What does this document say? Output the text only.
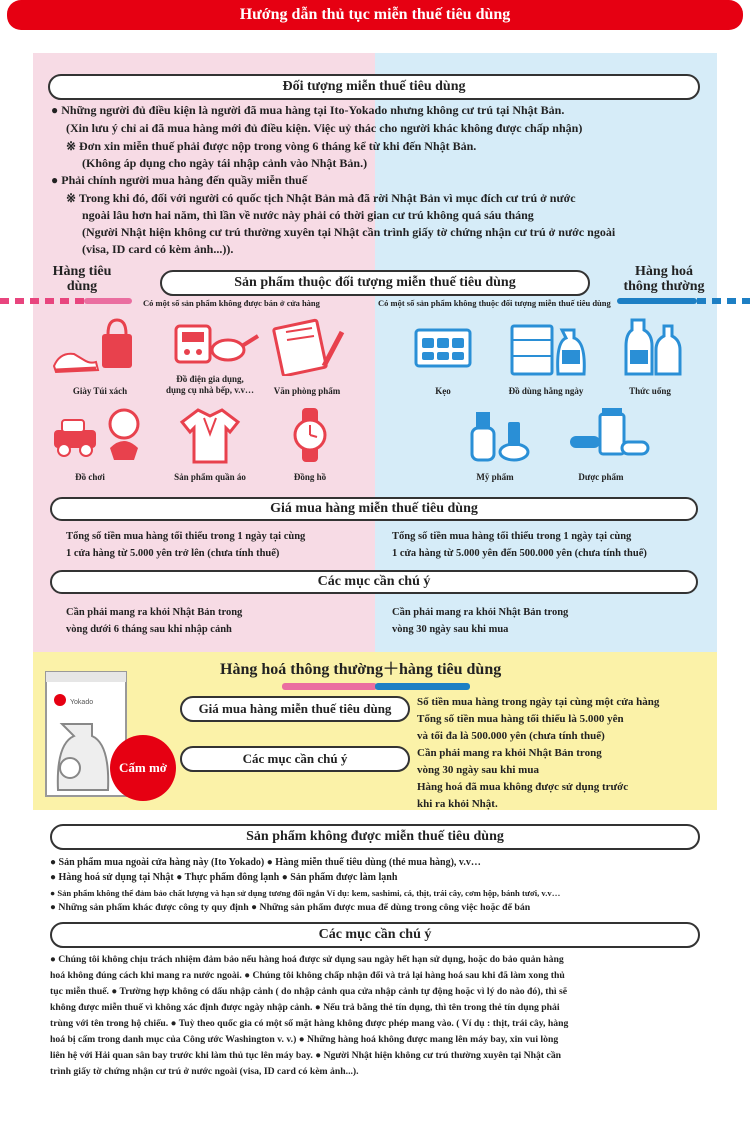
Hướng dẫn thủ tục miễn thuế tiêu dùng
Đối tượng miễn thuế tiêu dùng
● Những người đủ điều kiện là người đã mua hàng tại Ito-Yokado nhưng không cư trú tại Nhật Bản.
(Xin lưu ý chỉ ai đã mua hàng mới đủ điều kiện. Việc uỷ thác cho người khác không được chấp nhận)
※ Đơn xin miễn thuế phải được nộp trong vòng 6 tháng kể từ khi đến Nhật Bản.
(Không áp dụng cho ngày tái nhập cảnh vào Nhật Bản.)
● Phải chính người mua hàng đến quầy miễn thuế
※ Trong khi đó, đối với người có quốc tịch Nhật Bản mà đã rời Nhật Bản vì mục đích cư trú ở nước
ngoài lâu hơn hai năm, thì lần về nước này phải có thời gian cư trú không quá sáu tháng
(Người Nhật hiện không cư trú thường xuyên tại Nhật cần trình giấy tờ chứng nhận cư trú ở nước ngoài
(visa, ID card có kèm ảnh...)).
Hàng tiêu
dùng
Hàng hoá
thông thường
Sản phẩm thuộc đối tượng miễn thuế tiêu dùng
Có một số sản phẩm không được bán ở cửa hàng	Có một số sản phẩm không thuộc đối tượng miễn thuế tiêu dùng
Giày Túi xách
Đồ điện gia dụng,
dụng cụ nhà bếp, v.v…	Văn phòng phẩm
Đồ chơi	Sản phẩm quần áo	Đồng hồ
Kẹo	Đồ dùng hằng ngày	Thức uống
Mỹ phẩm	Dược phẩm
Giá mua hàng miễn thuế tiêu dùng
Tổng số tiền mua hàng tối thiểu trong 1 ngày tại cùng
1 cửa hàng từ 5.000 yên trở lên (chưa tính thuế)
Tổng số tiền mua hàng tối thiểu trong 1 ngày tại cùng
1 cửa hàng từ 5.000 yên đến 500.000 yên (chưa tính thuế)
Các mục cần chú ý
Cần phải mang ra khỏi Nhật Bản trong
vòng dưới 6 tháng sau khi nhập cảnh
Cần phải mang ra khỏi Nhật Bản trong
vòng 30 ngày sau khi mua
Yokado
Cấm mở
Hàng hoá thông thường＋hàng tiêu dùng
Giá mua hàng miễn thuế tiêu dùng	Số tiền mua hàng trong ngày tại cùng một cửa hàng
Tổng số tiền mua hàng tối thiểu là 5.000 yên
và tối đa là 500.000 yên (chưa tính thuế)
Các mục cần chú ý	Cần phải mang ra khỏi Nhật Bản trong
vòng 30 ngày sau khi mua
Hàng hoá đã mua không được sử dụng trước
khi ra khỏi Nhật.
Sản phẩm không được miễn thuế tiêu dùng
● Sản phẩm mua ngoài cửa hàng này (Ito Yokado) ● Hàng miễn thuế tiêu dùng (thẻ mua hàng), v.v…
● Hàng hoá sử dụng tại Nhật ● Thực phẩm đông lạnh ● Sản phẩm được làm lạnh
● Sản phẩm không thể đảm bảo chất lượng và hạn sử dụng tương đối ngắn Ví dụ: kem, sashimi, cá, thịt, trái cây, cơm hộp, bánh tươi, v.v…
● Những sản phẩm khác được công ty quy định ● Những sản phẩm được mua để dùng trong công việc hoặc để bán
Các mục cần chú ý
● Chúng tôi không chịu trách nhiệm đảm bảo nếu hàng hoá được sử dụng sau ngày hết hạn sử dụng, hoặc do bảo quản hàng
hoá không đúng cách khi mang ra nước ngoài. ● Chúng tôi không chấp nhận đổi và trả lại hàng hoá sau khi đã làm xong thủ
tục miễn thuế. ● Trường hợp không có dấu nhập cảnh ( do nhập cảnh qua cửa nhập cảnh tự động hoặc vì lý do nào đó), thì sẽ
không được miễn thuế vì không xác định được ngày nhập cảnh. ● Nếu trả bằng thẻ tín dụng, thì tên trong thẻ tín dụng phải
trùng với tên trong hộ chiếu. ● Tuỳ theo quốc gia có một số mặt hàng không được phép mang vào. ( Ví dụ : thịt, trái cây, hàng
hoá bị cấm trong danh mục của Công ước Washington v. v.) ● Những hàng hoá không được mang lên máy bay, xin vui lòng
liên hệ với Hải quan sân bay trước khi làm thủ tục lên máy bay. ● Người Nhật hiện không cư trú thường xuyên tại Nhật cần
trình giấy tờ chứng nhận cư trú ở nước ngoài (visa, ID card có kèm ảnh...).
